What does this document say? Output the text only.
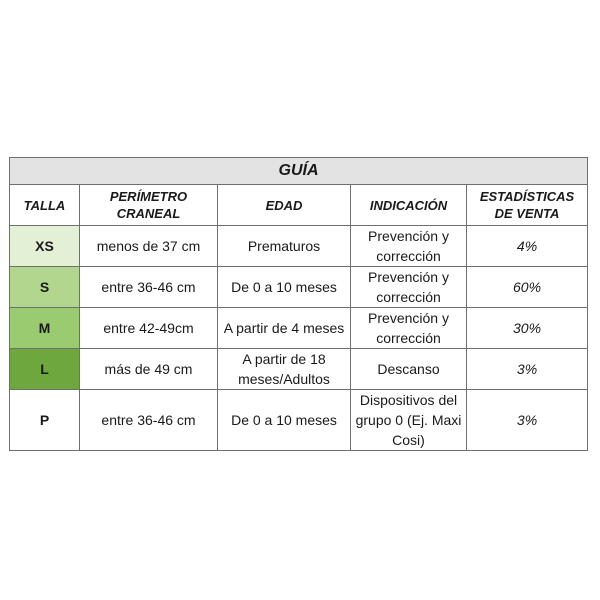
GUÍA				
TALLA	PERÍMETRO CRANEAL	EDAD	INDICACIÓN	ESTADÍSTICAS DE VENTA
XS	menos de 37 cm	Prematuros	Prevención y corrección	4%
S	entre 36-46 cm	De 0 a 10 meses	Prevención y corrección	60%
M	entre 42-49cm	A partir de 4 meses	Prevención y corrección	30%
L	más de 49 cm	A partir de 18 meses/Adultos	Descanso	3%
P	entre 36-46 cm	De 0 a 10 meses	Dispositivos del grupo 0 (Ej. Maxi Cosi)	3%
